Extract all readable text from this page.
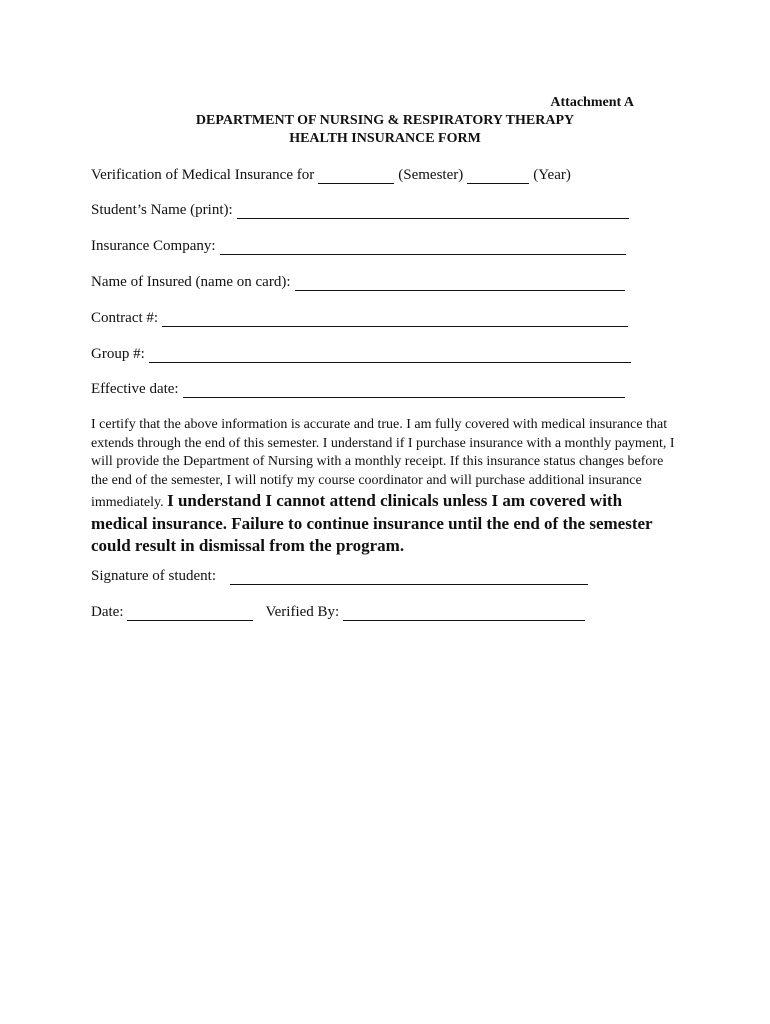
Attachment A
DEPARTMENT OF NURSING & RESPIRATORY THERAPY
HEALTH INSURANCE FORM
Verification of Medical Insurance for	(Semester)	(Year)
Student’s Name (print):
Insurance Company:
Name of Insured (name on card):
Contract #:
Group #:
Effective date:
I certify that the above information is accurate and true. I am fully covered with medical insurance that extends through the end of this semester. I understand if I purchase insurance with a monthly payment, I will provide the Department of Nursing with a monthly receipt. If this insurance status changes before the end of the semester, I will notify my course coordinator and will purchase additional insurance immediately. I understand I cannot attend clinicals unless I am covered with medical insurance. Failure to continue insurance until the end of the semester could result in dismissal from the program.
Signature of student:
Date:	Verified By:
